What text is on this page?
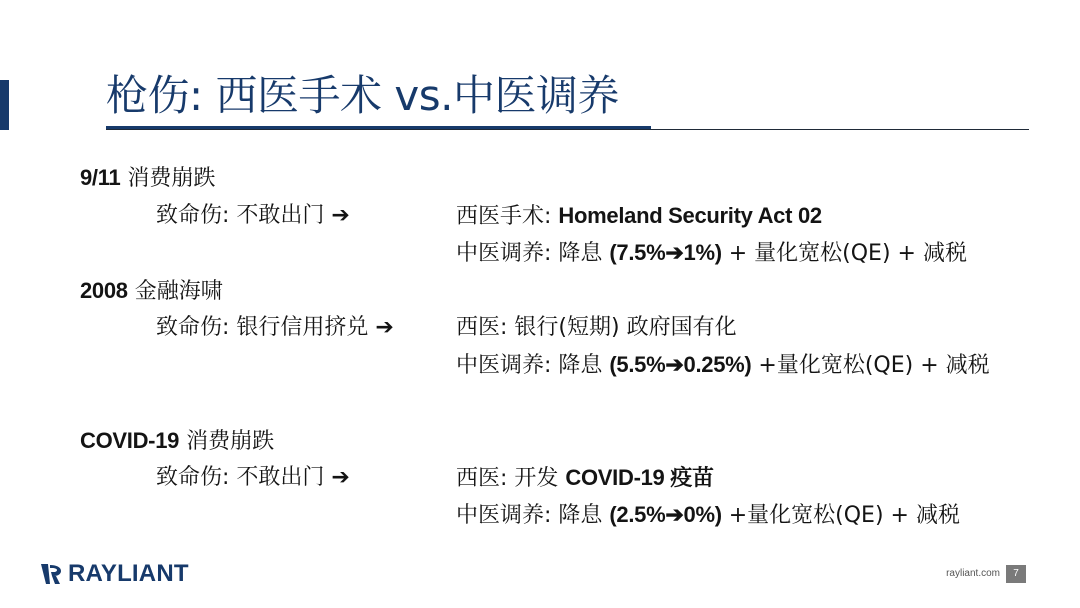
枪伤: 西医手术 vs.中医调养
9/11 消费崩跌
致命伤: 不敢出门 ➔	西医手术: Homeland Security Act 02
中医调养: 降息 (7.5%➔1%) + 量化宽松(QE) + 减税
2008 金融海啸
致命伤: 银行信用挤兑 ➔	西医: 银行(短期) 政府国有化
中医调养: 降息 (5.5%➔0.25%) +量化宽松(QE) + 减税
COVID-19 消费崩跌
致命伤: 不敢出门 ➔	西医: 开发 COVID-19 疫苗
中医调养: 降息 (2.5%➔0%) +量化宽松(QE) + 减税
RAYLIANT	rayliant.com	7
